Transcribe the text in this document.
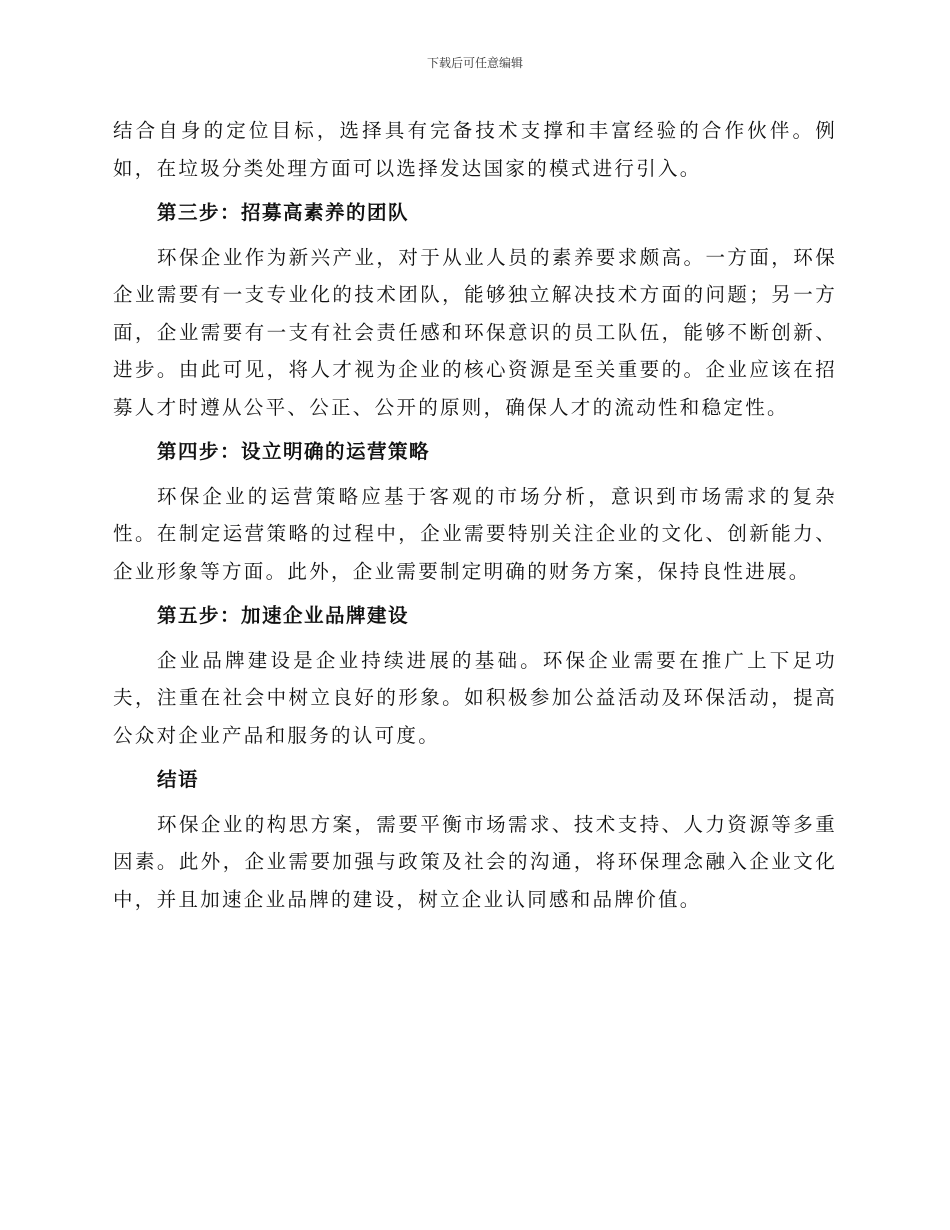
下载后可任意编辑

结合自身的定位目标，选择具有完备技术支撑和丰富经验的合作伙伴。例如，在垃圾分类处理方面可以选择发达国家的模式进行引入。

第三步：招募高素养的团队

环保企业作为新兴产业，对于从业人员的素养要求颇高。一方面，环保企业需要有一支专业化的技术团队，能够独立解决技术方面的问题；另一方面，企业需要有一支有社会责任感和环保意识的员工队伍，能够不断创新、进步。由此可见，将人才视为企业的核心资源是至关重要的。企业应该在招募人才时遵从公平、公正、公开的原则，确保人才的流动性和稳定性。

第四步：设立明确的运营策略

环保企业的运营策略应基于客观的市场分析，意识到市场需求的复杂性。在制定运营策略的过程中，企业需要特别关注企业的文化、创新能力、企业形象等方面。此外，企业需要制定明确的财务方案，保持良性进展。

第五步：加速企业品牌建设

企业品牌建设是企业持续进展的基础。环保企业需要在推广上下足功夫，注重在社会中树立良好的形象。如积极参加公益活动及环保活动，提高公众对企业产品和服务的认可度。

结语

环保企业的构思方案，需要平衡市场需求、技术支持、人力资源等多重因素。此外，企业需要加强与政策及社会的沟通，将环保理念融入企业文化中，并且加速企业品牌的建设，树立企业认同感和品牌价值。
